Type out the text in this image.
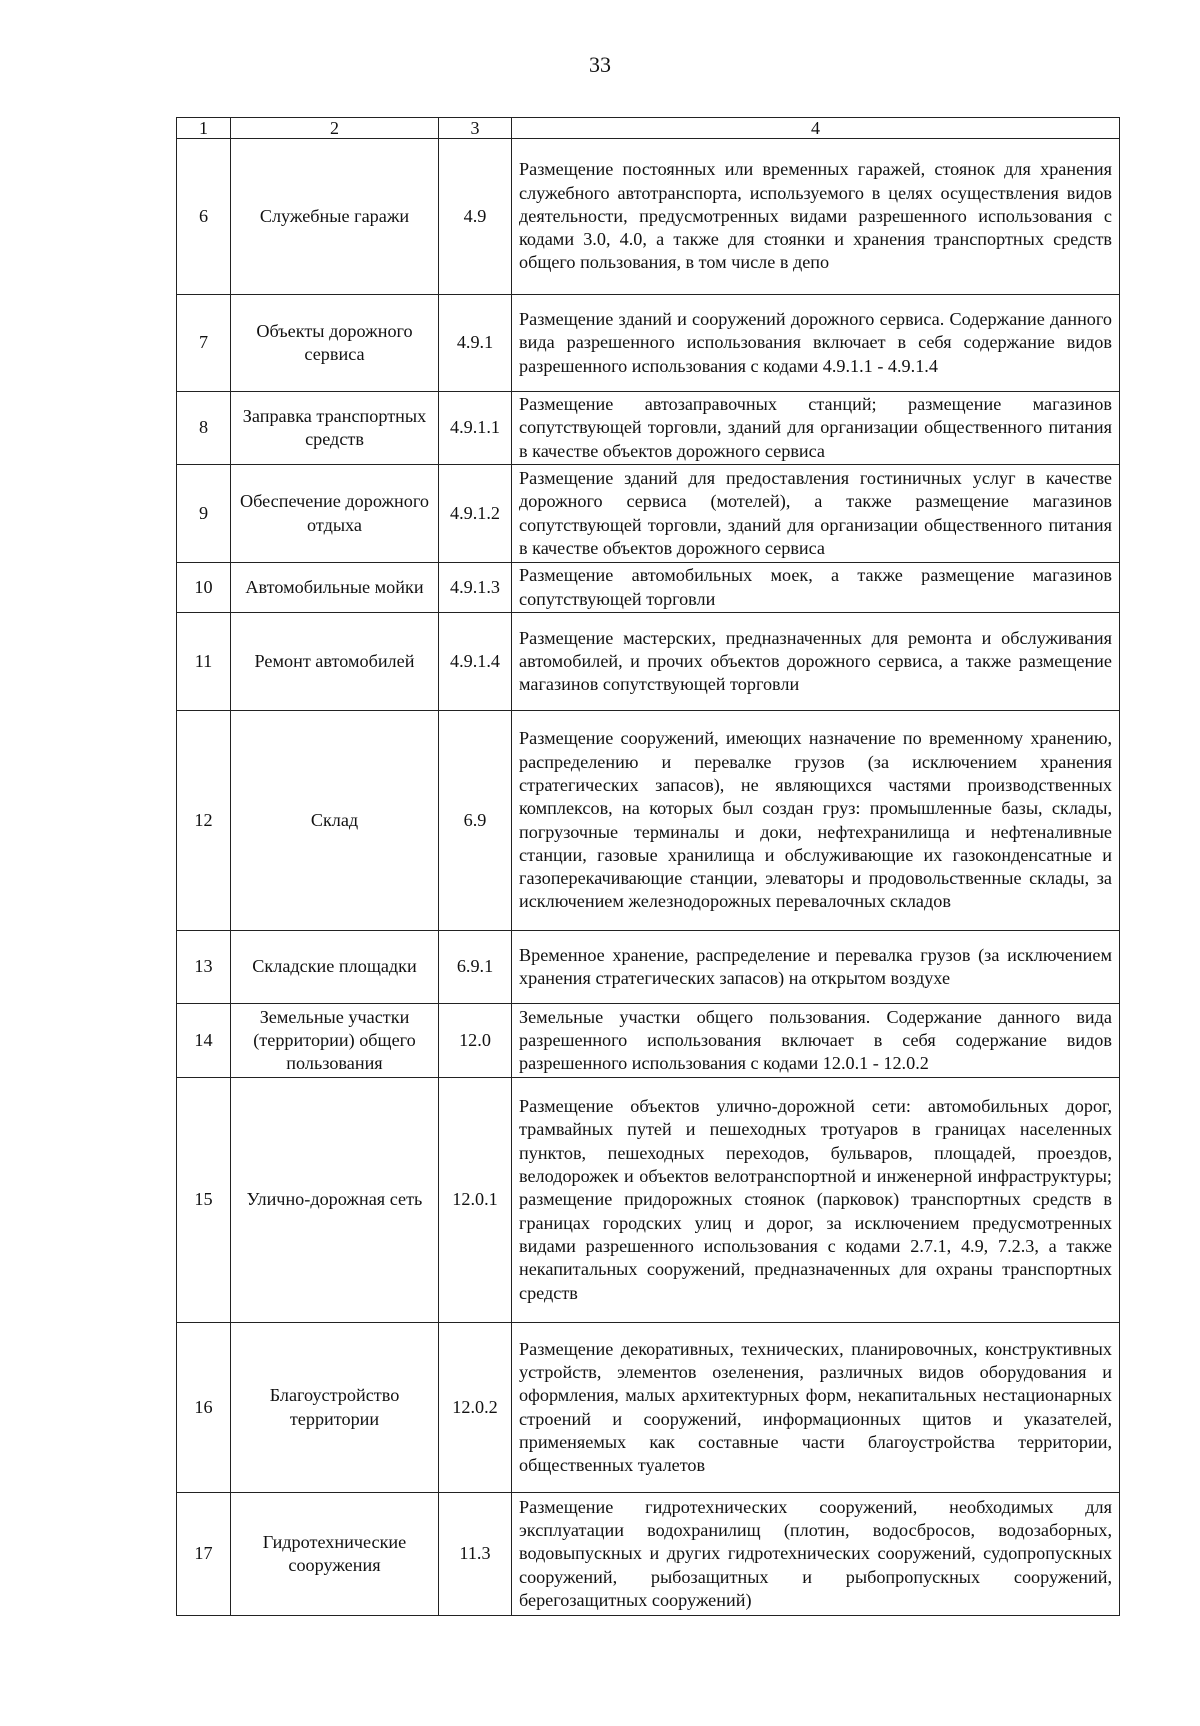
33
1	2	3	4
6	Служебные гаражи	4.9	Размещение постоянных или временных гаражей, стоянок для хранения служебного автотранспорта, используемого в целях осуществления видов деятельности, предусмотренных видами разрешенного использования с кодами 3.0, 4.0, а также для стоянки и хранения транспортных средств общего пользования, в том числе в депо
7	Объекты дорожного сервиса	4.9.1	Размещение зданий и сооружений дорожного сервиса. Содержание данного вида разрешенного использования включает в себя содержание видов разрешенного использования с кодами 4.9.1.1 - 4.9.1.4
8	Заправка транспортных средств	4.9.1.1	Размещение автозаправочных станций; размещение магазинов сопутствующей торговли, зданий для организации общественного питания в качестве объектов дорожного сервиса
9	Обеспечение дорожного отдыха	4.9.1.2	Размещение зданий для предоставления гостиничных услуг в качестве дорожного сервиса (мотелей), а также размещение магазинов сопутствующей торговли, зданий для организации общественного питания в качестве объектов дорожного сервиса
10	Автомобильные мойки	4.9.1.3	Размещение автомобильных моек, а также размещение магазинов сопутствующей торговли
11	Ремонт автомобилей	4.9.1.4	Размещение мастерских, предназначенных для ремонта и обслуживания автомобилей, и прочих объектов дорожного сервиса, а также размещение магазинов сопутствующей торговли
12	Склад	6.9	Размещение сооружений, имеющих назначение по временному хранению, распределению и перевалке грузов (за исключением хранения стратегических запасов), не являющихся частями производственных комплексов, на которых был создан груз: промышленные базы, склады, погрузочные терминалы и доки, нефтехранилища и нефтеналивные станции, газовые хранилища и обслуживающие их газоконденсатные и газоперекачивающие станции, элеваторы и продовольственные склады, за исключением железнодорожных перевалочных складов
13	Складские площадки	6.9.1	Временное хранение, распределение и перевалка грузов (за исключением хранения стратегических запасов) на открытом воздухе
14	Земельные участки (территории) общего пользования	12.0	Земельные участки общего пользования. Содержание данного вида разрешенного использования включает в себя содержание видов разрешенного использования с кодами 12.0.1 - 12.0.2
15	Улично-дорожная сеть	12.0.1	Размещение объектов улично-дорожной сети: автомобильных дорог, трамвайных путей и пешеходных тротуаров в границах населенных пунктов, пешеходных переходов, бульваров, площадей, проездов, велодорожек и объектов велотранспортной и инженерной инфраструктуры; размещение придорожных стоянок (парковок) транспортных средств в границах городских улиц и дорог, за исключением предусмотренных видами разрешенного использования с кодами 2.7.1, 4.9, 7.2.3, а также некапитальных сооружений, предназначенных для охраны транспортных средств
16	Благоустройство территории	12.0.2	Размещение декоративных, технических, планировочных, конструктивных устройств, элементов озеленения, различных видов оборудования и оформления, малых архитектурных форм, некапитальных нестационарных строений и сооружений, информационных щитов и указателей, применяемых как составные части благоустройства территории, общественных туалетов
17	Гидротехнические сооружения	11.3	Размещение гидротехнических сооружений, необходимых для эксплуатации водохранилищ (плотин, водосбросов, водозаборных, водовыпускных и других гидротехнических сооружений, судопропускных сооружений, рыбозащитных и рыбопропускных сооружений, берегозащитных сооружений)
